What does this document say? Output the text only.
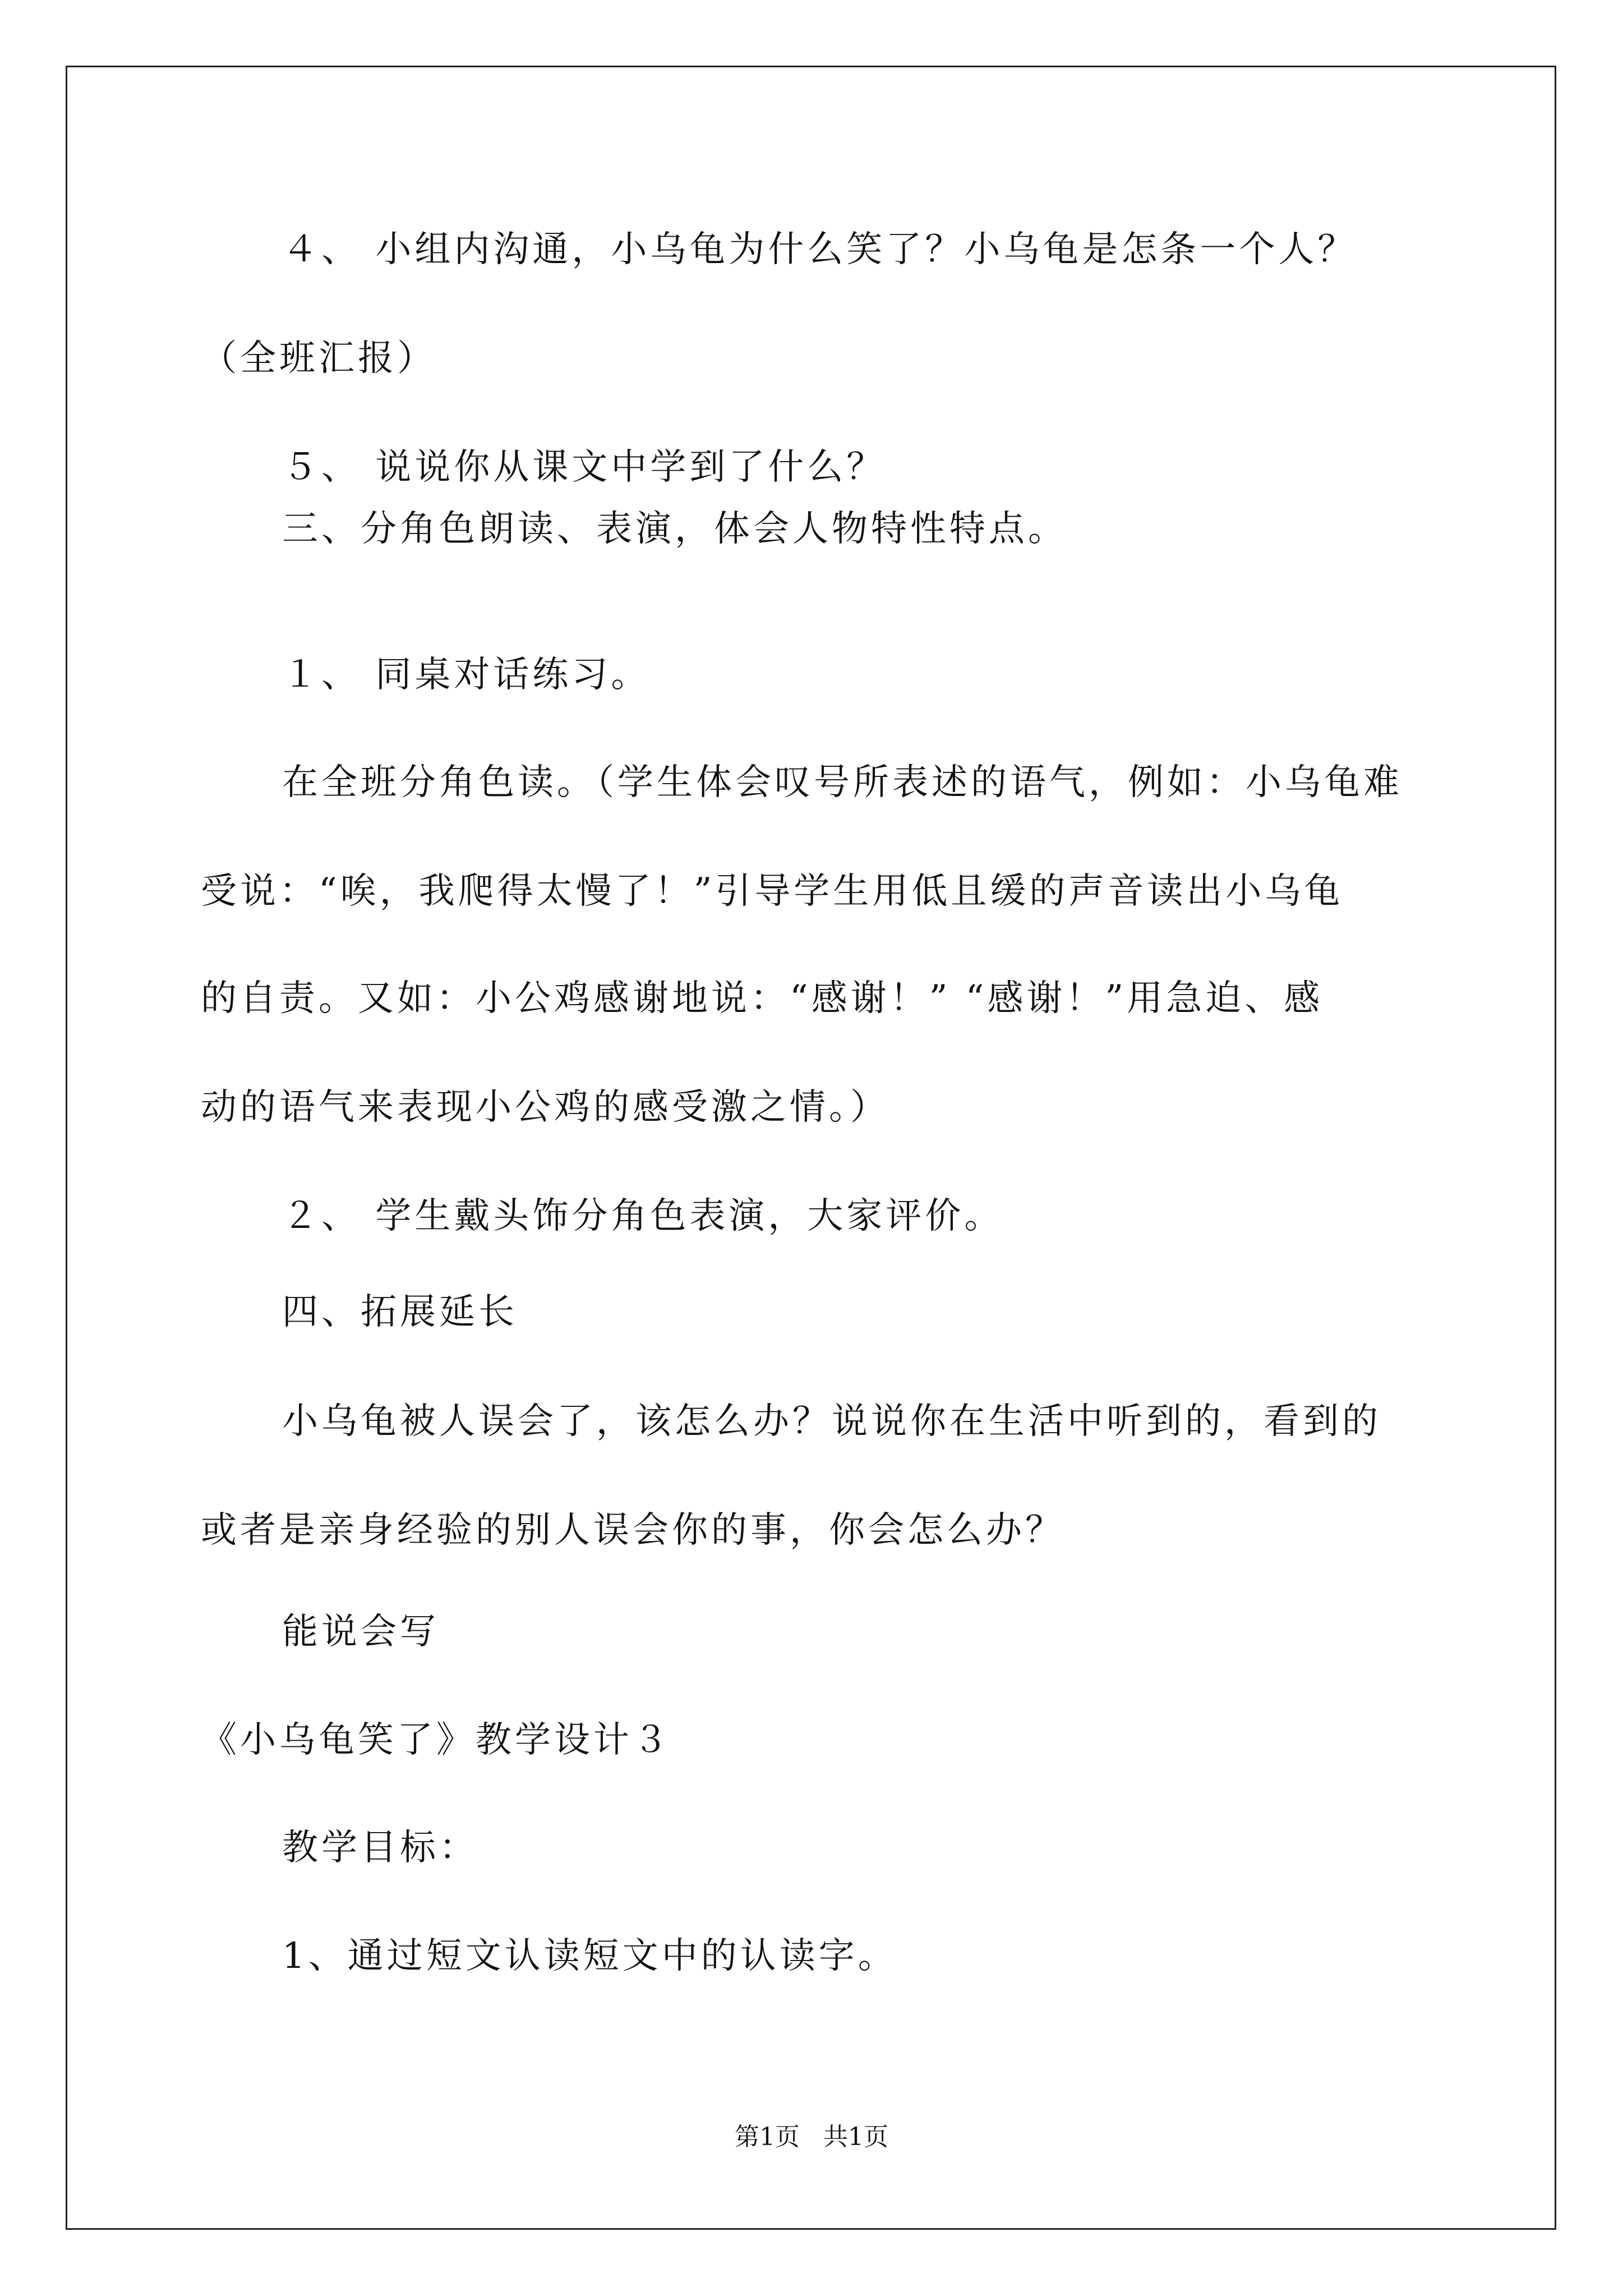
４、 小组内沟通，小乌龟为什么笑了？小乌龟是怎条一个人？
（全班汇报）
５、 说说你从课文中学到了什么？
三、分角色朗读、表演，体会人物特性特点。
１、 同桌对话练习。
在全班分角色读。（学生体会叹号所表述的语气，例如：小乌龟难
受说：“唉，我爬得太慢了！”引导学生用低且缓的声音读出小乌龟
的自责。又如：小公鸡感谢地说：“感谢！” “感谢！”用急迫、感
动的语气来表现小公鸡的感受激之情。）
２、 学生戴头饰分角色表演，大家评价。
四、拓展延长
小乌龟被人误会了，该怎么办？说说你在生活中听到的，看到的
或者是亲身经验的别人误会你的事，你会怎么办？
能说会写
《小乌龟笑了》教学设计３
教学目标：
1、通过短文认读短文中的认读字。
第1页   共1页
